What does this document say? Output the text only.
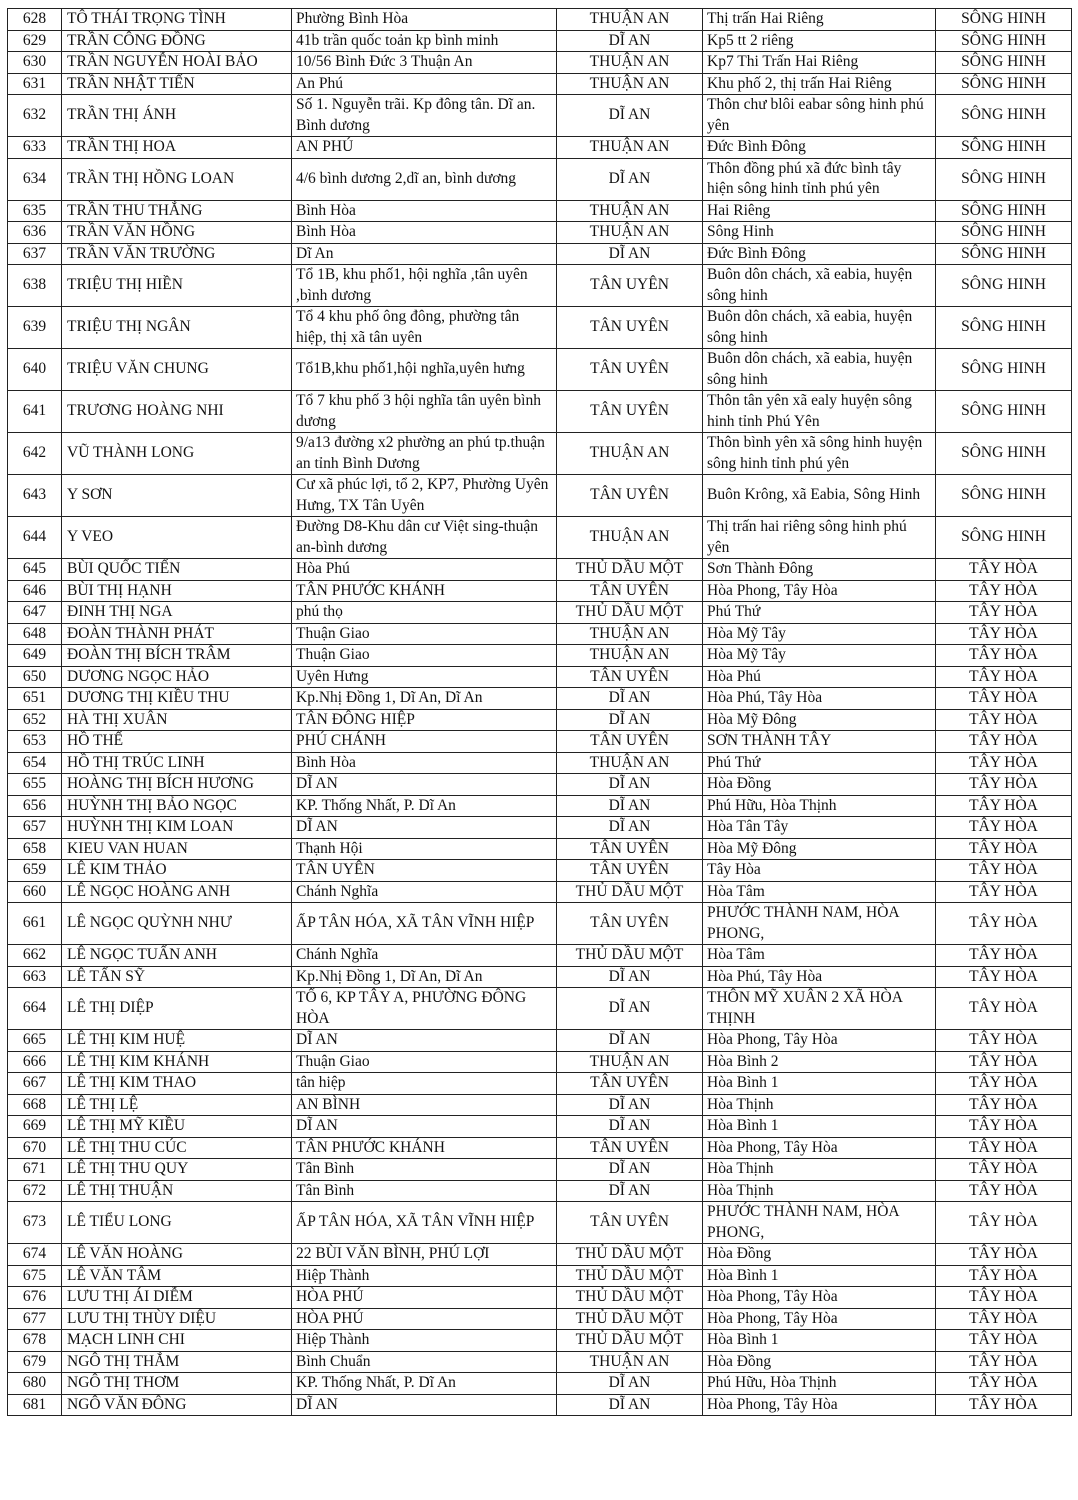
628	TÔ THÁI TRỌNG TÌNH	Phường Bình Hòa	THUẬN AN	Thị trấn Hai Riêng	SÔNG HINH
629	TRẦN CÔNG ĐỒNG	41b trần quốc toản kp bình minh	DĨ AN	Kp5 tt 2 riêng	SÔNG HINH
630	TRẦN NGUYỄN HOÀI BẢO	10/56 Bình Đức 3 Thuận An	THUẬN AN	Kp7 Thi Trấn Hai Riêng	SÔNG HINH
631	TRẦN NHẬT TIẾN	An Phú	THUẬN AN	Khu phố 2, thị trấn Hai Riêng	SÔNG HINH
632	TRẦN THỊ ÁNH	Số 1. Nguyễn trãi. Kp đông tân. Dĩ an. Bình dương	DĨ AN	Thôn chư blôi eabar sông hinh phú yên	SÔNG HINH
633	TRẦN THỊ HOA	AN PHÚ	THUẬN AN	Đức Bình Đông	SÔNG HINH
634	TRẦN THỊ HỒNG LOAN	4/6 bình dương 2,dĩ an, bình dương	DĨ AN	Thôn đồng phú xã đức bình tây hiện sông hinh tỉnh phú yên	SÔNG HINH
635	TRẦN THU THẮNG	Bình Hòa	THUẬN AN	Hai Riêng	SÔNG HINH
636	TRẦN VĂN HỒNG	Bình Hòa	THUẬN AN	Sông Hinh	SÔNG HINH
637	TRẦN VĂN TRƯỜNG	Dĩ An	DĨ AN	Đức Bình Đông	SÔNG HINH
638	TRIỆU THỊ HIỀN	Tổ 1B, khu phố1, hội nghĩa ,tân uyên ,bình dương	TÂN UYÊN	Buôn dôn chách, xã eabia, huyện sông hinh	SÔNG HINH
639	TRIỆU THỊ NGÂN	Tổ 4 khu phố ông đông, phường tân hiệp, thị xã tân uyên	TÂN UYÊN	Buôn dôn chách, xã eabia, huyện sông hinh	SÔNG HINH
640	TRIỆU VĂN CHUNG	Tổ1B,khu phố1,hội nghĩa,uyên hưng	TÂN UYÊN	Buôn dôn chách, xã eabia, huyện sông hinh	SÔNG HINH
641	TRƯƠNG HOÀNG NHI	Tổ 7 khu phố 3 hội nghĩa tân uyên bình dương	TÂN UYÊN	Thôn tân yên xã ealy huyện sông hinh tỉnh Phú Yên	SÔNG HINH
642	VŨ THÀNH LONG	9/a13 đường x2 phường an phú tp.thuận an tỉnh Bình Dương	THUẬN AN	Thôn bình yên xã sông hinh huyện sông hinh tỉnh phú yên	SÔNG HINH
643	Y SƠN	Cư xã phúc lợi, tổ 2, KP7, Phường Uyên Hưng, TX Tân Uyên	TÂN UYÊN	Buôn Krông, xã Eabia, Sông Hinh	SÔNG HINH
644	Y VEO	Đường D8-Khu dân cư Việt sing-thuận an-bình dương	THUẬN AN	Thị trấn hai riêng sông hinh phú yên	SÔNG HINH
645	BÙI QUỐC TIẾN	Hòa Phú	THỦ DẦU MỘT	Sơn Thành Đông	TÂY HÒA
646	BÙI THỊ HẠNH	TÂN PHƯỚC KHÁNH	TÂN UYÊN	Hòa Phong, Tây Hòa	TÂY HÒA
647	ĐINH THỊ NGA	phú thọ	THỦ DẦU MỘT	Phú Thứ	TÂY HÒA
648	ĐOÀN THÀNH PHÁT	Thuận Giao	THUẬN AN	Hòa Mỹ Tây	TÂY HÒA
649	ĐOÀN THỊ BÍCH TRÂM	Thuận Giao	THUẬN AN	Hòa Mỹ Tây	TÂY HÒA
650	DƯƠNG NGỌC HẢO	Uyên Hưng	TÂN UYÊN	Hòa Phú	TÂY HÒA
651	DƯƠNG THỊ KIỀU THU	Kp.Nhị Đồng 1, Dĩ An, Dĩ An	DĨ AN	Hòa Phú, Tây Hòa	TÂY HÒA
652	HÀ THỊ XUÂN	TÂN ĐÔNG HIỆP	DĨ AN	Hòa Mỹ Đông	TÂY HÒA
653	HỒ THẾ	PHÚ CHÁNH	TÂN UYÊN	SƠN THÀNH TÂY	TÂY HÒA
654	HỒ THỊ TRÚC LINH	Bình Hòa	THUẬN AN	Phú Thứ	TÂY HÒA
655	HOÀNG THỊ BÍCH HƯƠNG	DĨ AN	DĨ AN	Hòa Đồng	TÂY HÒA
656	HUỲNH THỊ BẢO NGỌC	KP. Thống Nhất, P. Dĩ An	DĨ AN	Phú Hữu, Hòa Thịnh	TÂY HÒA
657	HUỲNH THỊ KIM LOAN	DĨ AN	DĨ AN	Hòa Tân Tây	TÂY HÒA
658	KIEU VAN HUAN	Thạnh Hội	TÂN UYÊN	Hòa Mỹ Đông	TÂY HÒA
659	LÊ KIM THẢO	TÂN UYÊN	TÂN UYÊN	Tây Hòa	TÂY HÒA
660	LÊ NGỌC HOÀNG ANH	Chánh Nghĩa	THỦ DẦU MỘT	Hòa Tâm	TÂY HÒA
661	LÊ NGỌC QUỲNH NHƯ	ẤP TÂN HÓA, XÃ TÂN VĨNH HIỆP	TÂN UYÊN	PHƯỚC THÀNH NAM, HÒA PHONG,	TÂY HÒA
662	LÊ NGỌC TUẤN ANH	Chánh Nghĩa	THỦ DẦU MỘT	Hòa Tâm	TÂY HÒA
663	LÊ TẤN SỸ	Kp.Nhị Đồng 1, Dĩ An, Dĩ An	DĨ AN	Hòa Phú, Tây Hòa	TÂY HÒA
664	LÊ THỊ DIỆP	TỔ 6, KP TÂY A, PHƯỜNG ĐÔNG HÒA	DĨ AN	THÔN MỸ XUÂN 2 XÃ HÒA THỊNH	TÂY HÒA
665	LÊ THỊ KIM HUỆ	DĨ AN	DĨ AN	Hòa Phong, Tây Hòa	TÂY HÒA
666	LÊ THỊ KIM KHÁNH	Thuận Giao	THUẬN AN	Hòa Bình 2	TÂY HÒA
667	LÊ THỊ KIM THAO	tân hiệp	TÂN UYÊN	Hòa Bình 1	TÂY HÒA
668	LÊ THỊ LỆ	AN BÌNH	DĨ AN	Hòa Thịnh	TÂY HÒA
669	LÊ THỊ MỸ KIỀU	DĨ AN	DĨ AN	Hòa Bình 1	TÂY HÒA
670	LÊ THỊ THU CÚC	TÂN PHƯỚC KHÁNH	TÂN UYÊN	Hòa Phong, Tây Hòa	TÂY HÒA
671	LÊ THỊ THU QUY	Tân Bình	DĨ AN	Hòa Thịnh	TÂY HÒA
672	LÊ THỊ THUẬN	Tân Bình	DĨ AN	Hòa Thịnh	TÂY HÒA
673	LÊ TIỂU LONG	ẤP TÂN HÓA, XÃ TÂN VĨNH HIỆP	TÂN UYÊN	PHƯỚC THÀNH NAM, HÒA PHONG,	TÂY HÒA
674	LÊ VĂN HOÀNG	22 BÙI VĂN BÌNH, PHÚ LỢI	THỦ DẦU MỘT	Hòa Đồng	TÂY HÒA
675	LÊ VĂN TÂM	Hiệp Thành	THỦ DẦU MỘT	Hòa Bình 1	TÂY HÒA
676	LƯU THỊ ÁI DIỄM	HÒA PHÚ	THỦ DẦU MỘT	Hòa Phong, Tây Hòa	TÂY HÒA
677	LƯU THỊ THÙY DIỆU	HÒA PHÚ	THỦ DẦU MỘT	Hòa Phong, Tây Hòa	TÂY HÒA
678	MẠCH LINH CHI	Hiệp Thành	THỦ DẦU MỘT	Hòa Bình 1	TÂY HÒA
679	NGÔ THỊ THẮM	Bình Chuẩn	THUẬN AN	Hòa Đồng	TÂY HÒA
680	NGÔ THỊ THƠM	KP. Thống Nhất, P. Dĩ An	DĨ AN	Phú Hữu, Hòa Thịnh	TÂY HÒA
681	NGÔ VĂN ĐÔNG	DĨ AN	DĨ AN	Hòa Phong, Tây Hòa	TÂY HÒA
